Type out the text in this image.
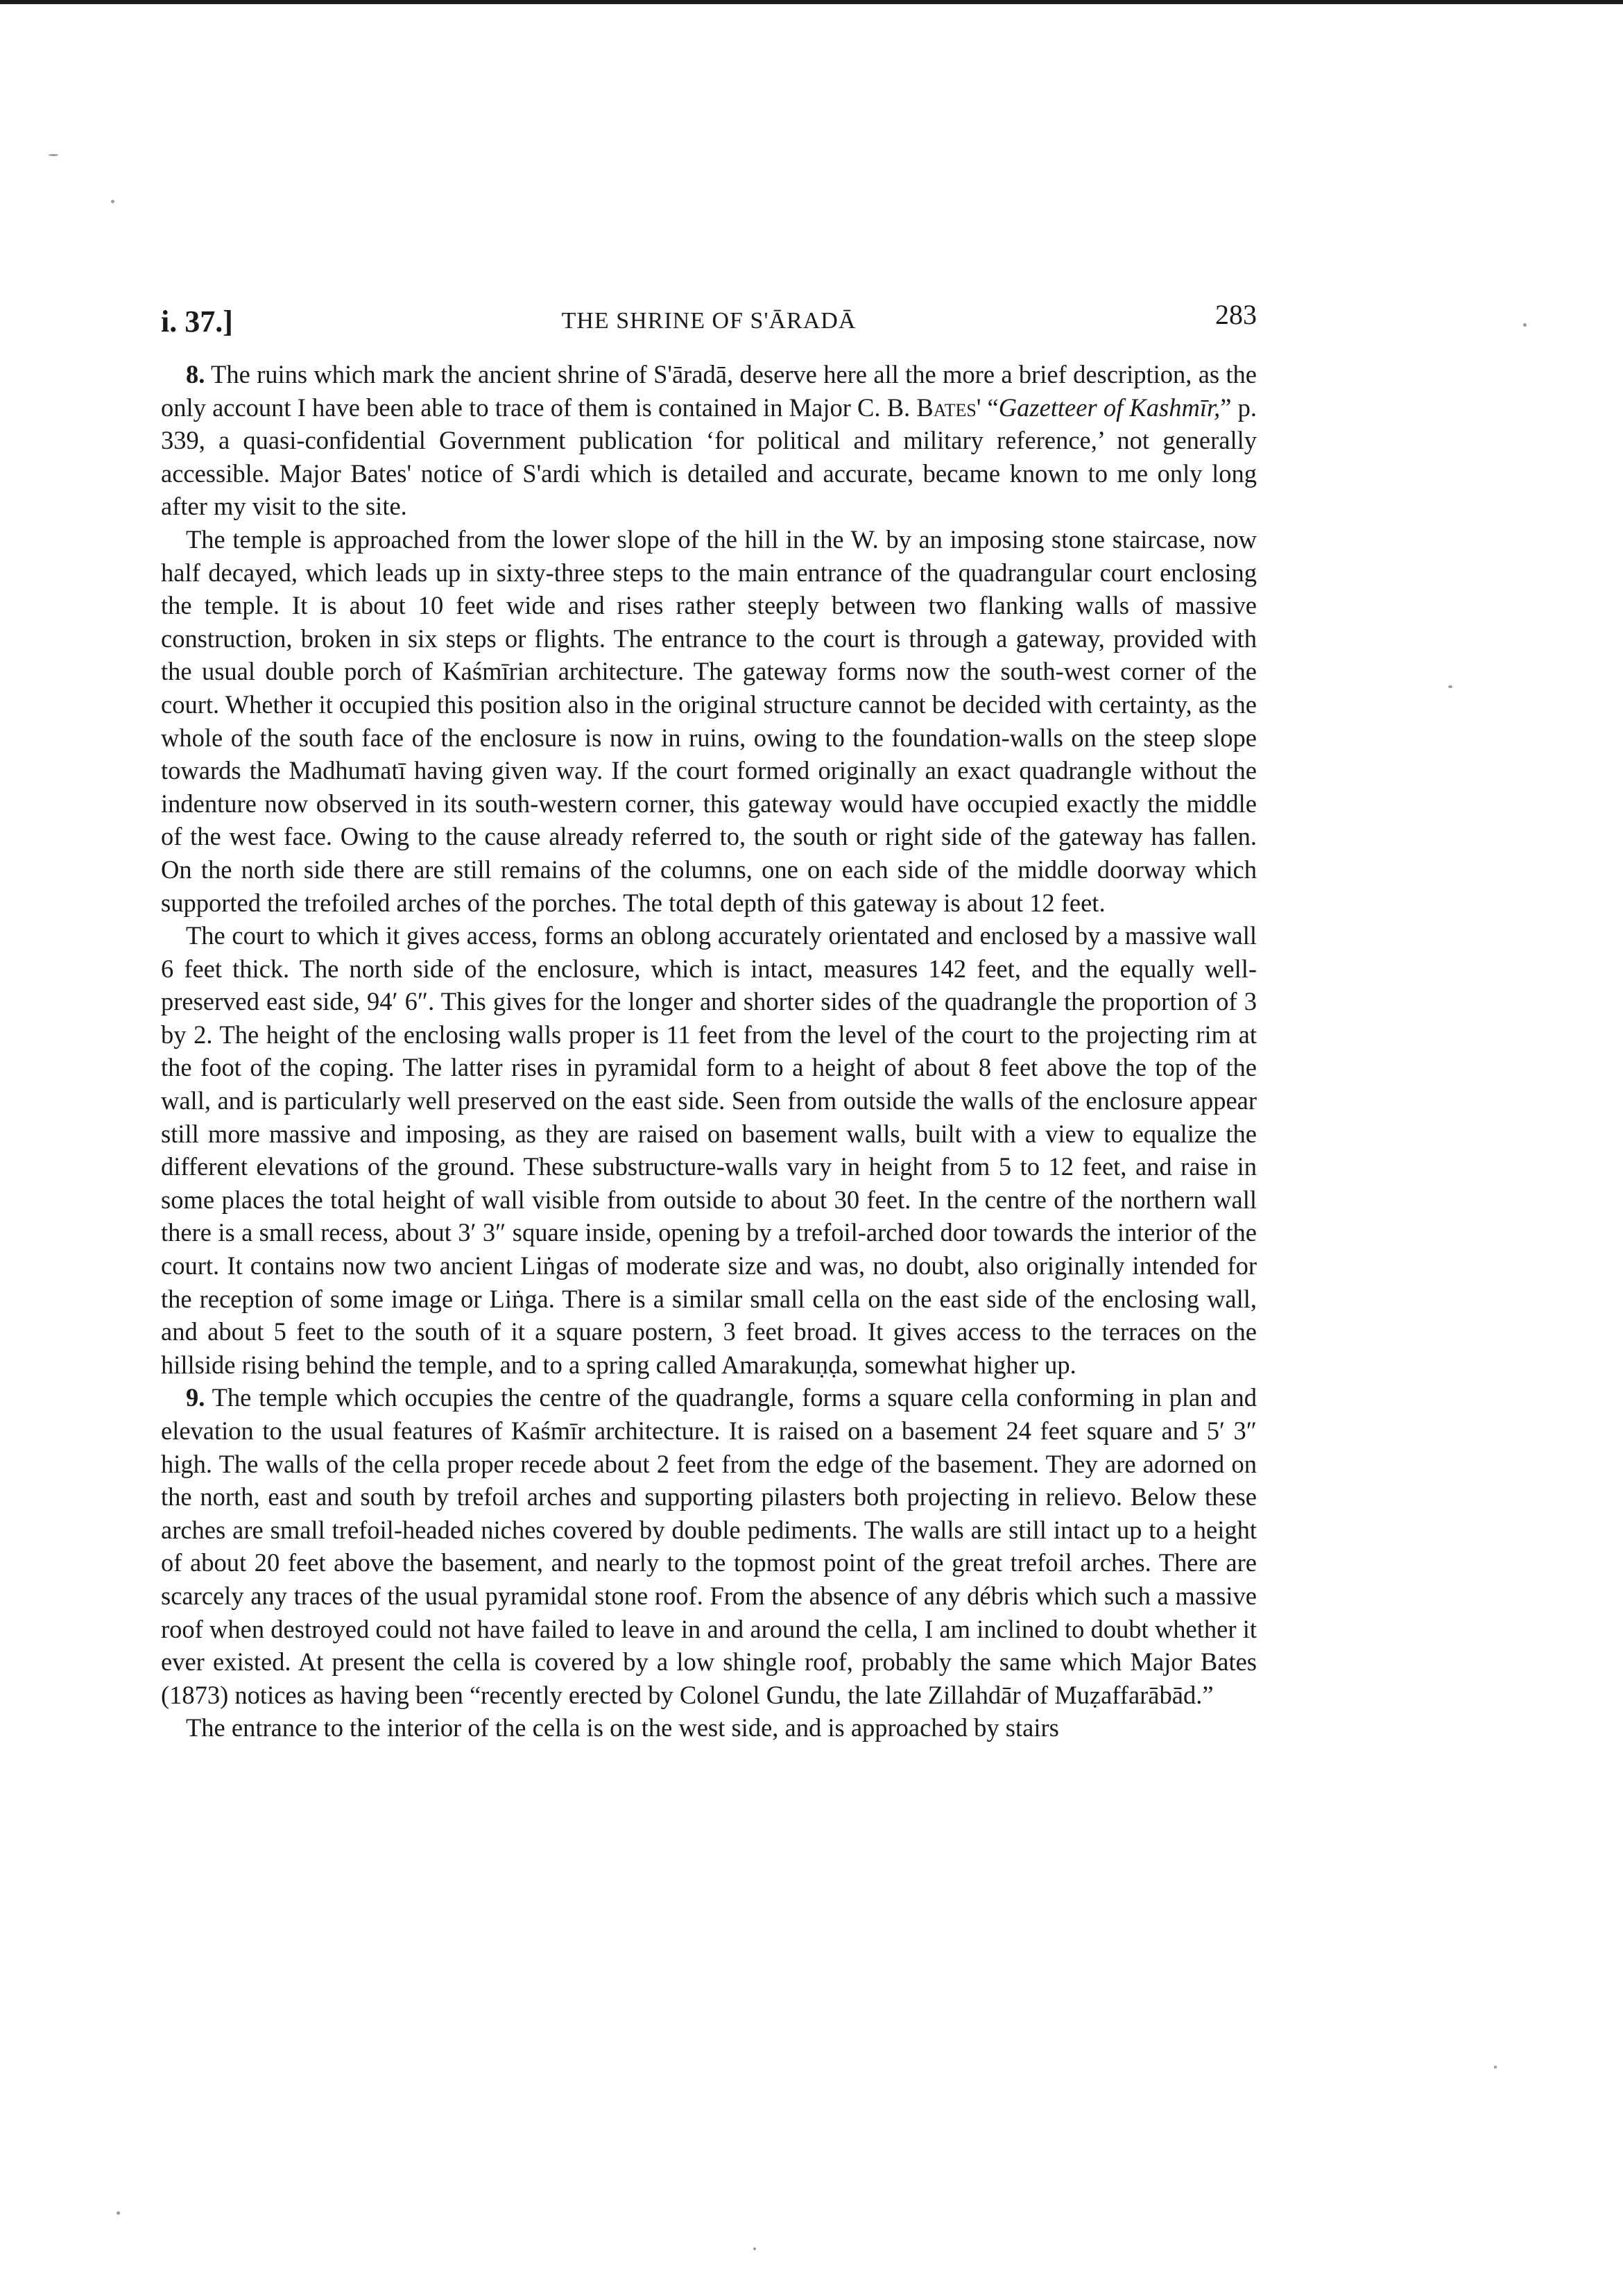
i. 37.]	THE SHRINE OF S'ĀRADĀ	283

8. The ruins which mark the ancient shrine of S'āradā, deserve here all the more a brief description, as the only account I have been able to trace of them is contained in Major C. B. Bates' “Gazetteer of Kashmīr,” p. 339, a quasi-confidential Government publication ‘for political and military reference,’ not generally accessible. Major Bates' notice of S'ardi which is detailed and accurate, became known to me only long after my visit to the site.

The temple is approached from the lower slope of the hill in the W. by an imposing stone staircase, now half decayed, which leads up in sixty-three steps to the main entrance of the quadrangular court enclosing the temple. It is about 10 feet wide and rises rather steeply between two flanking walls of massive construction, broken in six steps or flights. The entrance to the court is through a gateway, provided with the usual double porch of Kaśmīrian architecture. The gateway forms now the south-west corner of the court. Whether it occupied this position also in the original structure cannot be decided with certainty, as the whole of the south face of the enclosure is now in ruins, owing to the foundation-walls on the steep slope towards the Madhumatī having given way. If the court formed originally an exact quadrangle without the indenture now observed in its south-western corner, this gateway would have occupied exactly the middle of the west face. Owing to the cause already referred to, the south or right side of the gateway has fallen. On the north side there are still remains of the columns, one on each side of the middle doorway which supported the trefoiled arches of the porches. The total depth of this gateway is about 12 feet.

The court to which it gives access, forms an oblong accurately orientated and enclosed by a massive wall 6 feet thick. The north side of the enclosure, which is intact, measures 142 feet, and the equally well-preserved east side, 94′ 6″. This gives for the longer and shorter sides of the quadrangle the proportion of 3 by 2. The height of the enclosing walls proper is 11 feet from the level of the court to the projecting rim at the foot of the coping. The latter rises in pyramidal form to a height of about 8 feet above the top of the wall, and is particularly well preserved on the east side. Seen from outside the walls of the enclosure appear still more massive and imposing, as they are raised on basement walls, built with a view to equalize the different elevations of the ground. These substructure-walls vary in height from 5 to 12 feet, and raise in some places the total height of wall visible from outside to about 30 feet. In the centre of the northern wall there is a small recess, about 3′ 3″ square inside, opening by a trefoil-arched door towards the interior of the court. It contains now two ancient Liṅgas of moderate size and was, no doubt, also originally intended for the reception of some image or Liṅga. There is a similar small cella on the east side of the enclosing wall, and about 5 feet to the south of it a square postern, 3 feet broad. It gives access to the terraces on the hillside rising behind the temple, and to a spring called Amarakuṇḍa, somewhat higher up.

9. The temple which occupies the centre of the quadrangle, forms a square cella conforming in plan and elevation to the usual features of Kaśmīr architecture. It is raised on a basement 24 feet square and 5′ 3″ high. The walls of the cella proper recede about 2 feet from the edge of the basement. They are adorned on the north, east and south by trefoil arches and supporting pilasters both projecting in relievo. Below these arches are small trefoil-headed niches covered by double pediments. The walls are still intact up to a height of about 20 feet above the basement, and nearly to the topmost point of the great trefoil arches. There are scarcely any traces of the usual pyramidal stone roof. From the absence of any débris which such a massive roof when destroyed could not have failed to leave in and around the cella, I am inclined to doubt whether it ever existed. At present the cella is covered by a low shingle roof, probably the same which Major Bates (1873) notices as having been “recently erected by Colonel Gundu, the late Zillahdār of Muẓaffarābād.”

The entrance to the interior of the cella is on the west side, and is approached by stairs
